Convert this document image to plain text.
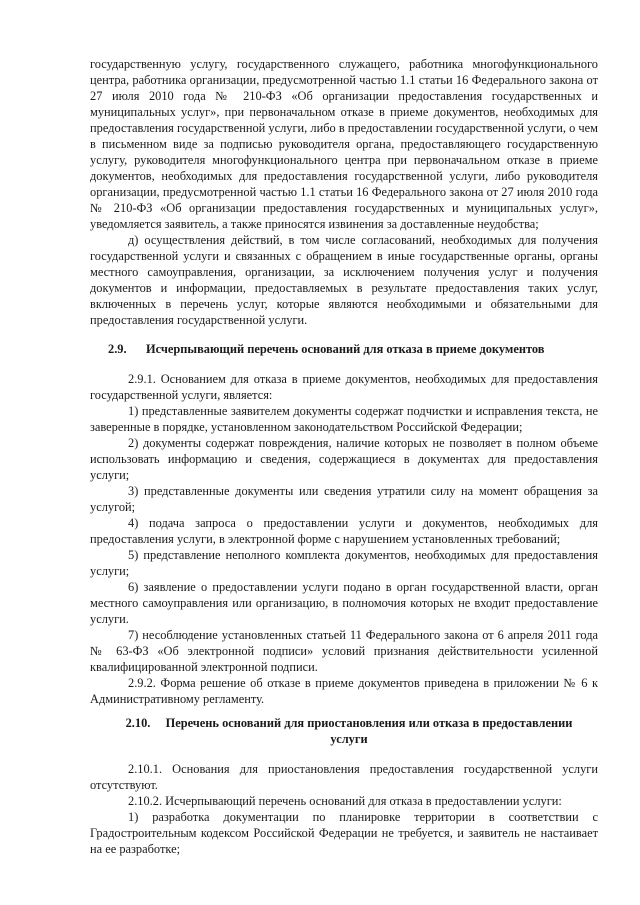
государственную услугу, государственного служащего, работника многофункционального центра, работника организации, предусмотренной частью 1.1 статьи 16 Федерального закона от 27 июля 2010 года № 210-ФЗ «Об организации предоставления государственных и муниципальных услуг», при первоначальном отказе в приеме документов, необходимых для предоставления государственной услуги, либо в предоставлении государственной услуги, о чем в письменном виде за подписью руководителя органа, предоставляющего государственную услугу, руководителя многофункционального центра при первоначальном отказе в приеме документов, необходимых для предоставления государственной услуги, либо руководителя организации, предусмотренной частью 1.1 статьи 16 Федерального закона от 27 июля 2010 года № 210-ФЗ «Об организации предоставления государственных и муниципальных услуг», уведомляется заявитель, а также приносятся извинения за доставленные неудобства;

д) осуществления действий, в том числе согласований, необходимых для получения государственной услуги и связанных с обращением в иные государственные органы, органы местного самоуправления, организации, за исключением получения услуг и получения документов и информации, предоставляемых в результате предоставления таких услуг, включенных в перечень услуг, которые являются необходимыми и обязательными для предоставления государственной услуги.

2.9. Исчерпывающий перечень оснований для отказа в приеме документов

2.9.1. Основанием для отказа в приеме документов, необходимых для предоставления государственной услуги, является:

1) представленные заявителем документы содержат подчистки и исправления текста, не заверенные в порядке, установленном законодательством Российской Федерации;

2) документы содержат повреждения, наличие которых не позволяет в полном объеме использовать информацию и сведения, содержащиеся в документах для предоставления услуги;

3) представленные документы или сведения утратили силу на момент обращения за услугой;

4) подача запроса о предоставлении услуги и документов, необходимых для предоставления услуги, в электронной форме с нарушением установленных требований;

5) представление неполного комплекта документов, необходимых для предоставления услуги;

6) заявление о предоставлении услуги подано в орган государственной власти, орган местного самоуправления или организацию, в полномочия которых не входит предоставление услуги.

7) несоблюдение установленных статьей 11 Федерального закона от 6 апреля 2011 года № 63-ФЗ «Об электронной подписи» условий признания действительности усиленной квалифицированной электронной подписи.

2.9.2. Форма решение об отказе в приеме документов приведена в приложении № 6 к Административному регламенту.

2.10. Перечень оснований для приостановления или отказа в предоставлении
услуги

2.10.1. Основания для приостановления предоставления государственной услуги отсутствуют.

2.10.2. Исчерпывающий перечень оснований для отказа в предоставлении услуги:

1) разработка документации по планировке территории в соответствии с Градостроительным кодексом Российской Федерации не требуется, и заявитель не настаивает на ее разработке;
